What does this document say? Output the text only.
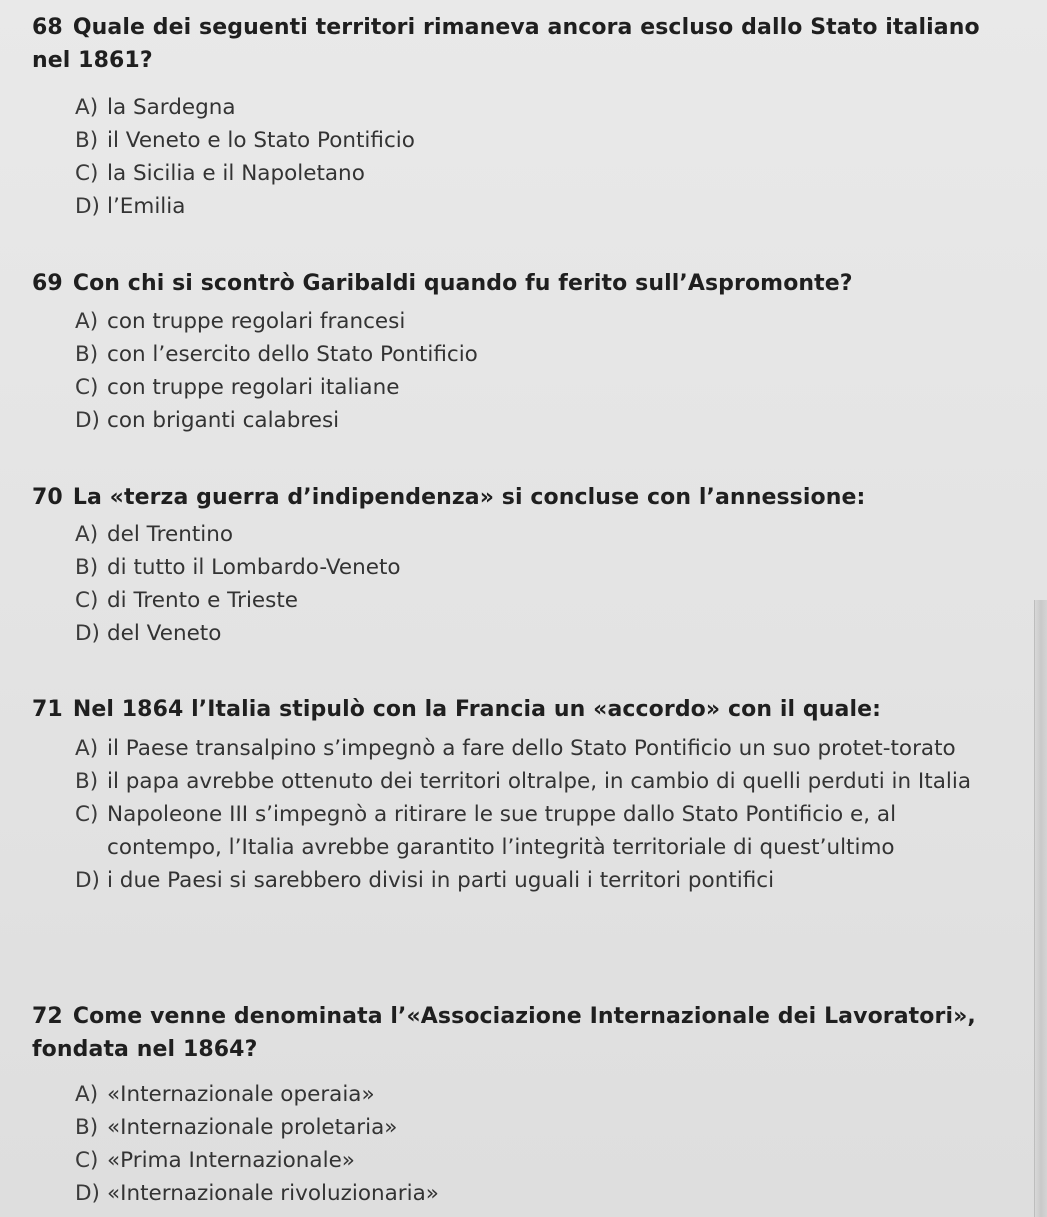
68 Quale dei seguenti territori rimaneva ancora escluso dallo Stato italiano nel 1861?

A) la Sardegna
B) il Veneto e lo Stato Pontificio
C) la Sicilia e il Napoletano
D) l’Emilia

69 Con chi si scontrò Garibaldi quando fu ferito sull’Aspromonte?

A) con truppe regolari francesi
B) con l’esercito dello Stato Pontificio
C) con truppe regolari italiane
D) con briganti calabresi

70 La «terza guerra d’indipendenza» si concluse con l’annessione:

A) del Trentino
B) di tutto il Lombardo-Veneto
C) di Trento e Trieste
D) del Veneto

71 Nel 1864 l’Italia stipulò con la Francia un «accordo» con il quale:

A) il Paese transalpino s’impegnò a fare dello Stato Pontificio un suo protet-torato
B) il papa avrebbe ottenuto dei territori oltralpe, in cambio di quelli perduti in Italia
C) Napoleone III s’impegnò a ritirare le sue truppe dallo Stato Pontificio e, al contempo, l’Italia avrebbe garantito l’integrità territoriale di quest’ultimo
D) i due Paesi si sarebbero divisi in parti uguali i territori pontifici

72 Come venne denominata l’«Associazione Internazionale dei Lavoratori», fondata nel 1864?

A) «Internazionale operaia»
B) «Internazionale proletaria»
C) «Prima Internazionale»
D) «Internazionale rivoluzionaria»
